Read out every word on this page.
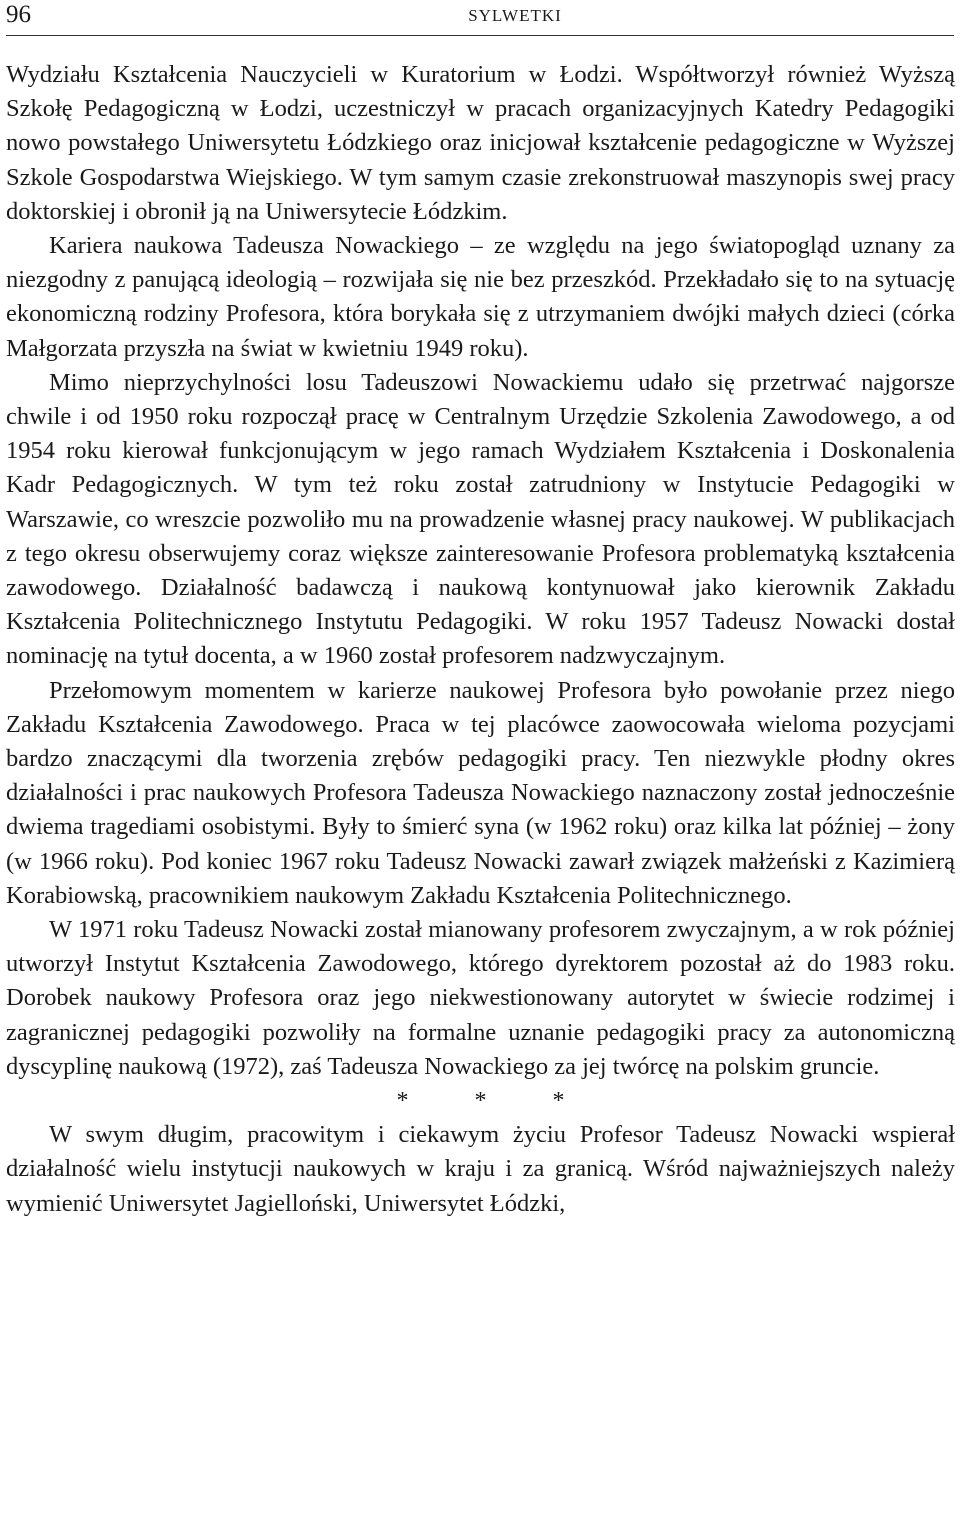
96	SYLWETKI

Wydziału Kształcenia Nauczycieli w Kuratorium w Łodzi. Współtworzył również Wyższą Szkołę Pedagogiczną w Łodzi, uczestniczył w pracach organizacyjnych Katedry Pedagogiki nowo powstałego Uniwersytetu Łódzkiego oraz inicjował kształcenie pedagogiczne w Wyższej Szkole Gospodarstwa Wiejskiego. W tym samym czasie zrekonstruował maszynopis swej pracy doktorskiej i obronił ją na Uniwersytecie Łódzkim.

Kariera naukowa Tadeusza Nowackiego – ze względu na jego światopogląd uznany za niezgodny z panującą ideologią – rozwijała się nie bez przeszkód. Przekładało się to na sytuację ekonomiczną rodziny Profesora, która borykała się z utrzymaniem dwójki małych dzieci (córka Małgorzata przyszła na świat w kwietniu 1949 roku).

Mimo nieprzychylności losu Tadeuszowi Nowackiemu udało się przetrwać najgorsze chwile i od 1950 roku rozpoczął pracę w Centralnym Urzędzie Szkolenia Zawodowego, a od 1954 roku kierował funkcjonującym w jego ramach Wydziałem Kształcenia i Doskonalenia Kadr Pedagogicznych. W tym też roku został zatrudniony w Instytucie Pedagogiki w Warszawie, co wreszcie pozwoliło mu na prowadzenie własnej pracy naukowej. W publikacjach z tego okresu obserwujemy coraz większe zainteresowanie Profesora problematyką kształcenia zawodowego. Działalność badawczą i naukową kontynuował jako kierownik Zakładu Kształcenia Politechnicznego Instytutu Pedagogiki. W roku 1957 Tadeusz Nowacki dostał nominację na tytuł docenta, a w 1960 został profesorem nadzwyczajnym.

Przełomowym momentem w karierze naukowej Profesora było powołanie przez niego Zakładu Kształcenia Zawodowego. Praca w tej placówce zaowocowała wieloma pozycjami bardzo znaczącymi dla tworzenia zrębów pedagogiki pracy. Ten niezwykle płodny okres działalności i prac naukowych Profesora Tadeusza Nowackiego naznaczony został jednocześnie dwiema tragediami osobistymi. Były to śmierć syna (w 1962 roku) oraz kilka lat później – żony (w 1966 roku). Pod koniec 1967 roku Tadeusz Nowacki zawarł związek małżeński z Kazimierą Korabiowską, pracownikiem naukowym Zakładu Kształcenia Politechnicznego.

W 1971 roku Tadeusz Nowacki został mianowany profesorem zwyczajnym, a w rok później utworzył Instytut Kształcenia Zawodowego, którego dyrektorem pozostał aż do 1983 roku. Dorobek naukowy Profesora oraz jego niekwestionowany autorytet w świecie rodzimej i zagranicznej pedagogiki pozwoliły na formalne uznanie pedagogiki pracy za autonomiczną dyscyplinę naukową (1972), zaś Tadeusza Nowackiego za jej twórcę na polskim gruncie.

* * *

W swym długim, pracowitym i ciekawym życiu Profesor Tadeusz Nowacki wspierał działalność wielu instytucji naukowych w kraju i za granicą. Wśród najważniejszych należy wymienić Uniwersytet Jagielloński, Uniwersytet Łódzki,
